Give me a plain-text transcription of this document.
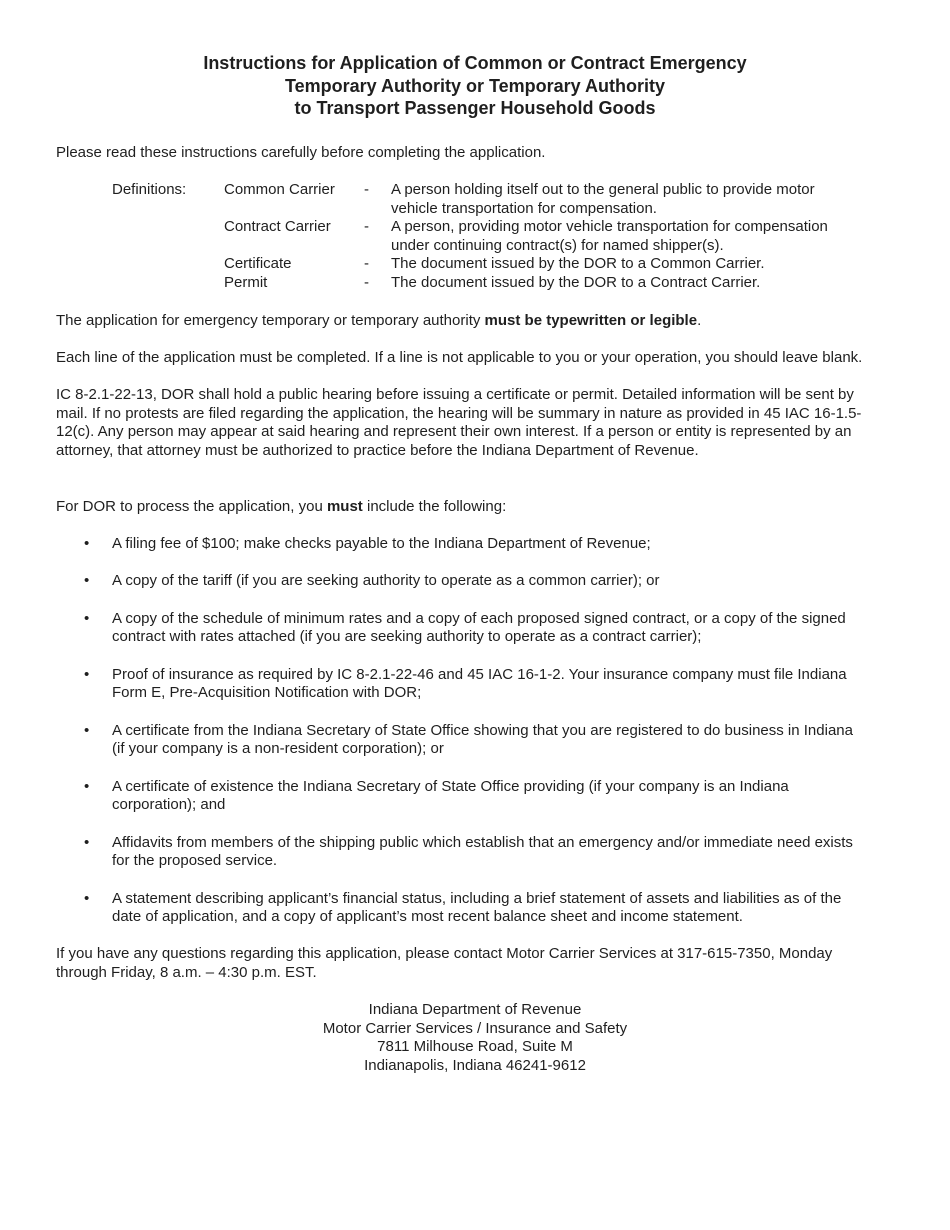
Instructions for Application of Common or Contract Emergency
Temporary Authority or Temporary Authority
to Transport Passenger Household Goods

Please read these instructions carefully before completing the application.

Definitions:	Common Carrier - A person holding itself out to the general public to provide motor
vehicle transportation for compensation.
Contract Carrier - A person, providing motor vehicle transportation for compensation
under continuing contract(s) for named shipper(s).
Certificate	- The document issued by the DOR to a Common Carrier.
Permit	- The document issued by the DOR to a Contract Carrier.

The application for emergency temporary or temporary authority must be typewritten or legible.

Each line of the application must be completed. If a line is not applicable to you or your operation, you should leave blank.

IC 8-2.1-22-13, DOR shall hold a public hearing before issuing a certificate or permit. Detailed information will be sent by
mail. If no protests are filed regarding the application, the hearing will be summary in nature as provided in 45 IAC 16-1.5-
12(c). Any person may appear at said hearing and represent their own interest. If a person or entity is represented by an
attorney, that attorney must be authorized to practice before the Indiana Department of Revenue.

For DOR to process the application, you must include the following:

• A filing fee of $100; make checks payable to the Indiana Department of Revenue;
• A copy of the tariff (if you are seeking authority to operate as a common carrier); or
• A copy of the schedule of minimum rates and a copy of each proposed signed contract, or a copy of the signed
contract with rates attached (if you are seeking authority to operate as a contract carrier);
• Proof of insurance as required by IC 8-2.1-22-46 and 45 IAC 16-1-2. Your insurance company must file Indiana
Form E, Pre-Acquisition Notification with DOR;
• A certificate from the Indiana Secretary of State Office showing that you are registered to do business in Indiana
(if your company is a non-resident corporation); or
• A certificate of existence the Indiana Secretary of State Office providing (if your company is an Indiana
corporation); and
• Affidavits from members of the shipping public which establish that an emergency and/or immediate need exists
for the proposed service.
• A statement describing applicant’s financial status, including a brief statement of assets and liabilities as of the
date of application, and a copy of applicant’s most recent balance sheet and income statement.
If you have any questions regarding this application, please contact Motor Carrier Services at 317-615-7350, Monday
through Friday, 8 a.m. – 4:30 p.m. EST.
Indiana Department of Revenue
Motor Carrier Services / Insurance and Safety
7811 Milhouse Road, Suite M
Indianapolis, Indiana 46241-9612
